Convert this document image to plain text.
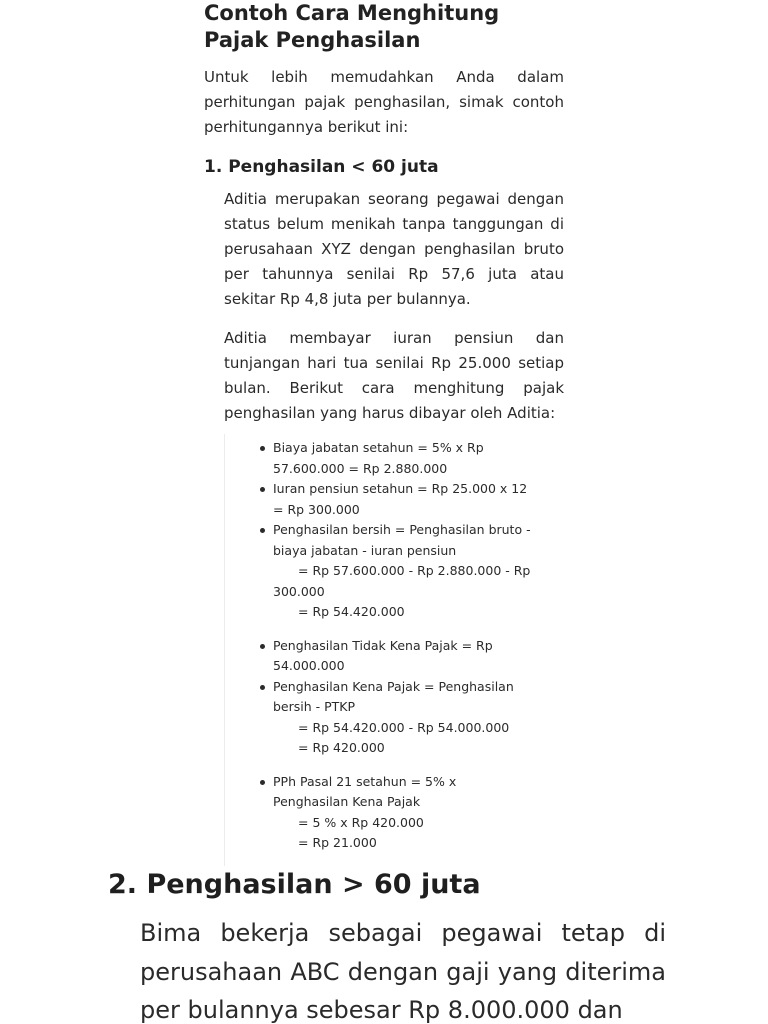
Contoh Cara Menghitung Pajak Penghasilan

Untuk lebih memudahkan Anda dalam perhitungan pajak penghasilan, simak contoh perhitungannya berikut ini:

1. Penghasilan < 60 juta

Aditia merupakan seorang pegawai dengan status belum menikah tanpa tanggungan di perusahaan XYZ dengan penghasilan bruto per tahunnya senilai Rp 57,6 juta atau sekitar Rp 4,8 juta per bulannya.

Aditia membayar iuran pensiun dan tunjangan hari tua senilai Rp 25.000 setiap bulan. Berikut cara menghitung pajak penghasilan yang harus dibayar oleh Aditia:

Biaya jabatan setahun = 5% x Rp 57.600.000 = Rp 2.880.000
Iuran pensiun setahun = Rp 25.000 x 12 = Rp 300.000
Penghasilan bersih = Penghasilan bruto - biaya jabatan - iuran pensiun
= Rp 57.600.000 - Rp 2.880.000 - Rp
300.000
= Rp 54.420.000
Penghasilan Tidak Kena Pajak = Rp 54.000.000
Penghasilan Kena Pajak = Penghasilan bersih - PTKP
= Rp 54.420.000 - Rp 54.000.000
= Rp 420.000
PPh Pasal 21 setahun = 5% x Penghasilan Kena Pajak
= 5 % x Rp 420.000
= Rp 21.000
2. Penghasilan > 60 juta

Bima bekerja sebagai pegawai tetap di perusahaan ABC dengan gaji yang diterima per bulannya sebesar Rp 8.000.000 dan
